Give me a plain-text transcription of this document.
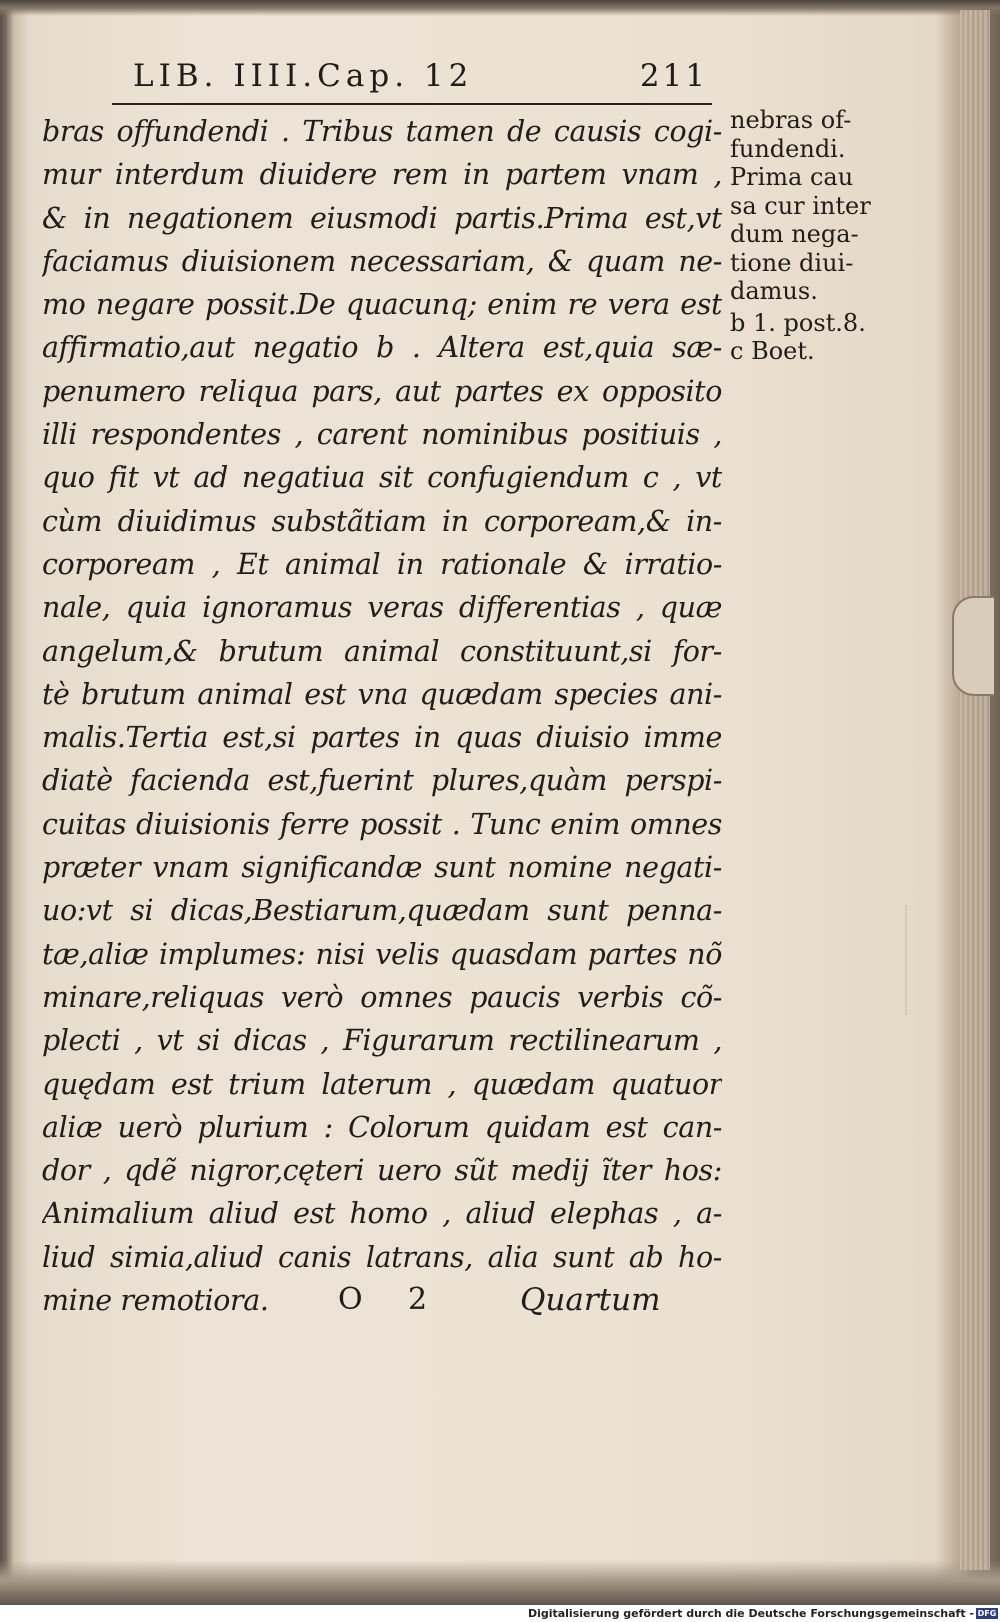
LIB. IIII.Cap. 12	211
bras offundendi . Tribus tamen de causis cogi-
mur interdum diuidere rem in partem vnam ,
& in negationem eiusmodi partis.Prima est,vt
faciamus diuisionem necessariam, & quam ne-
mo negare possit.De quacunq; enim re vera est
affirmatio,aut negatio b . Altera est,quia sæ-
penumero reliqua pars, aut partes ex opposito
illi respondentes , carent nominibus positiuis ,
quo fit vt ad negatiua sit confugiendum c , vt
cùm diuidimus substãtiam in corpoream,& in-
corpoream , Et animal in rationale & irratio-
nale, quia ignoramus veras differentias , quæ
angelum,& brutum animal constituunt,si for-
tè brutum animal est vna quædam species ani-
malis.Tertia est,si partes in quas diuisio imme
diatè facienda est,fuerint plures,quàm perspi-
cuitas diuisionis ferre possit . Tunc enim omnes
præter vnam significandæ sunt nomine negati-
uo:vt si dicas,Bestiarum,quædam sunt penna-
tæ,aliæ implumes: nisi velis quasdam partes nõ
minare,reliquas verò omnes paucis verbis cõ-
plecti , vt si dicas , Figurarum rectilinearum ,
quędam est trium laterum , quædam quatuor
aliæ uerò plurium : Colorum quidam est can-
dor , qdẽ nigror,cęteri uero sũt medij ĩter hos:
Animalium aliud est homo , aliud elephas , a-
liud simia,aliud canis latrans, alia sunt ab ho-
mine remotiora.
nebras of-
fundendi.
Prima cau
sa cur inter
dum nega-
tione diui-
damus.
b 1. post.8.
c Boet.
O 2	Quartum
Digitalisierung gefördert durch die Deutsche Forschungsgemeinschaft - DFG
